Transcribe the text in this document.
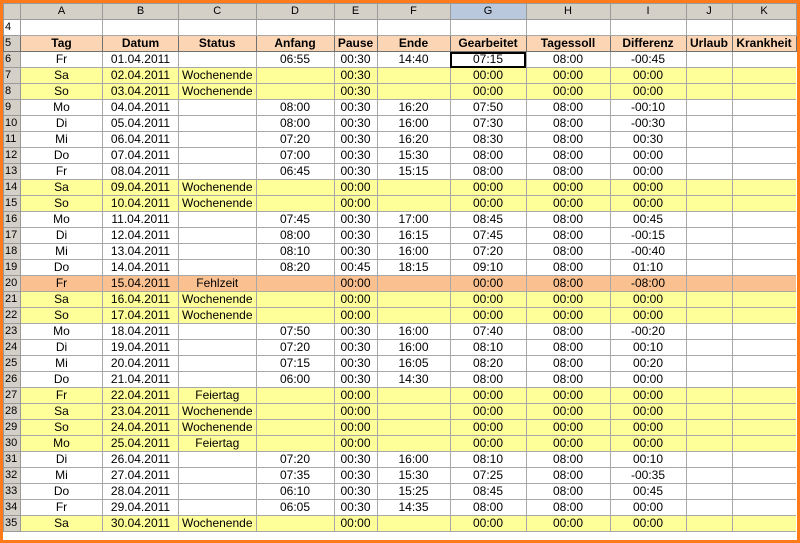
	A	B	C	D	E	F	G	H	I	J	K
4											
5	Tag	Datum	Status	Anfang	Pause	Ende	Gearbeitet	Tagessoll	Differenz	Urlaub	Krankheit
6	Fr	01.04.2011		06:55	00:30	14:40	07:15	08:00	-00:45		
7	Sa	02.04.2011	Wochenende		00:30		00:00	00:00	00:00		
8	So	03.04.2011	Wochenende		00:30		00:00	00:00	00:00		
9	Mo	04.04.2011		08:00	00:30	16:20	07:50	08:00	-00:10		
10	Di	05.04.2011		08:00	00:30	16:00	07:30	08:00	-00:30		
11	Mi	06.04.2011		07:20	00:30	16:20	08:30	08:00	00:30		
12	Do	07.04.2011		07:00	00:30	15:30	08:00	08:00	00:00		
13	Fr	08.04.2011		06:45	00:30	15:15	08:00	08:00	00:00		
14	Sa	09.04.2011	Wochenende		00:00		00:00	00:00	00:00		
15	So	10.04.2011	Wochenende		00:00		00:00	00:00	00:00		
16	Mo	11.04.2011		07:45	00:30	17:00	08:45	08:00	00:45		
17	Di	12.04.2011		08:00	00:30	16:15	07:45	08:00	-00:15		
18	Mi	13.04.2011		08:10	00:30	16:00	07:20	08:00	-00:40		
19	Do	14.04.2011		08:20	00:45	18:15	09:10	08:00	01:10		
20	Fr	15.04.2011	Fehlzeit		00:00		00:00	08:00	-08:00		
21	Sa	16.04.2011	Wochenende		00:00		00:00	00:00	00:00		
22	So	17.04.2011	Wochenende		00:00		00:00	00:00	00:00		
23	Mo	18.04.2011		07:50	00:30	16:00	07:40	08:00	-00:20		
24	Di	19.04.2011		07:20	00:30	16:00	08:10	08:00	00:10		
25	Mi	20.04.2011		07:15	00:30	16:05	08:20	08:00	00:20		
26	Do	21.04.2011		06:00	00:30	14:30	08:00	08:00	00:00		
27	Fr	22.04.2011	Feiertag		00:00		00:00	00:00	00:00		
28	Sa	23.04.2011	Wochenende		00:00		00:00	00:00	00:00		
29	So	24.04.2011	Wochenende		00:00		00:00	00:00	00:00		
30	Mo	25.04.2011	Feiertag		00:00		00:00	00:00	00:00		
31	Di	26.04.2011		07:20	00:30	16:00	08:10	08:00	00:10		
32	Mi	27.04.2011		07:35	00:30	15:30	07:25	08:00	-00:35		
33	Do	28.04.2011		06:10	00:30	15:25	08:45	08:00	00:45		
34	Fr	29.04.2011		06:05	00:30	14:35	08:00	08:00	00:00		
35	Sa	30.04.2011	Wochenende		00:00		00:00	00:00	00:00		
